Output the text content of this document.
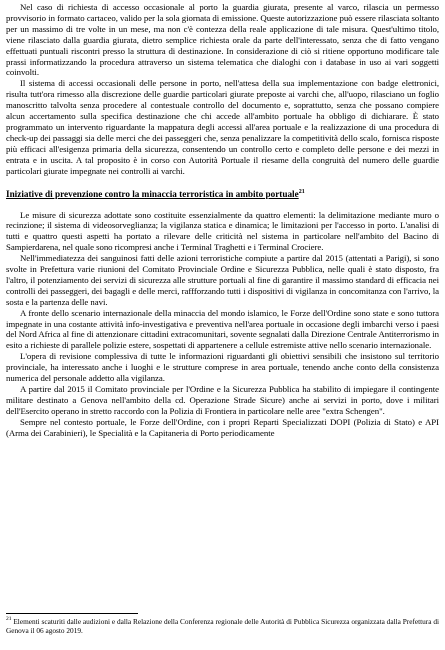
Nel caso di richiesta di accesso occasionale al porto la guardia giurata, presente al varco, rilascia un permesso provvisorio in formato cartaceo, valido per la sola giornata di emissione. Queste autorizzazione può essere rilasciata soltanto per un massimo di tre volte in un mese, ma non c'è contezza della reale applicazione di tale misura. Quest'ultimo titolo, viene rilasciato dalla guardia giurata, dietro semplice richiesta orale da parte dell'interessato, senza che di fatto vengano effettuati puntuali riscontri presso la struttura di destinazione. In considerazione di ciò si ritiene opportuno modificare tale prassi informatizzando la procedura attraverso un sistema telematica che dialoghi con i database in uso ai vari soggetti coinvolti.

Il sistema di accessi occasionali delle persone in porto, nell'attesa della sua implementazione con badge elettronici, risulta tutt'ora rimesso alla discrezione delle guardie particolari giurate preposte ai varchi che, all'uopo, rilasciano un foglio manoscritto talvolta senza procedere al contestuale controllo del documento e, soprattutto, senza che possano compiere alcun accertamento sulla specifica destinazione che chi accede all'ambito portuale ha obbligo di dichiarare. È stato programmato un intervento riguardante la mappatura degli accessi all'area portuale e la realizzazione di una procedura di check-up dei passaggi sia delle merci che dei passeggeri che, senza penalizzare la competitività dello scalo, fornisca risposte più efficaci all'esigenza primaria della sicurezza, consentendo un controllo certo e completo delle persone e dei mezzi in entrata e in uscita. A tal proposito è in corso con Autorità Portuale il riesame della congruità del numero delle guardie particolari giurate impegnate nei controlli ai varchi.

Iniziative di prevenzione contro la minaccia terroristica in ambito portuale$^{21}$

Le misure di sicurezza adottate sono costituite essenzialmente da quattro elementi: la delimitazione mediante muro o recinzione; il sistema di videosorveglianza; la vigilanza statica e dinamica; le limitazioni per l'accesso in porto. L'analisi di tutti e quattro questi aspetti ha portato a rilevare delle criticità nel sistema in particolare nell'ambito del Bacino di Sampierdarena, nel quale sono ricompresi anche i Terminal Traghetti e i Terminal Crociere.

Nell'immediatezza dei sanguinosi fatti delle azioni terroristiche compiute a partire dal 2015 (attentati a Parigi), si sono svolte in Prefettura varie riunioni del Comitato Provinciale Ordine e Sicurezza Pubblica, nelle quali è stato disposto, fra l'altro, il potenziamento dei servizi di sicurezza alle strutture portuali al fine di garantire il massimo standard di efficacia nei controlli dei passeggeri, dei bagagli e delle merci, raffforzando tutti i dispositivi di vigilanza in concomitanza con l'arrivo, la sosta e la partenza delle navi.

A fronte dello scenario internazionale della minaccia del mondo islamico, le Forze dell'Ordine sono state e sono tuttora impegnate in una costante attività info-investigativa e preventiva nell'area portuale in occasione degli imbarchi verso i paesi del Nord Africa al fine di attenzionare cittadini extracomunitari, sovente segnalati dalla Direzione Centrale Antiterrorismo in esito a richieste di parallele polizie estere, sospettati di appartenere a cellule estremiste attive nello scenario internazionale.

L'opera di revisione complessiva di tutte le informazioni riguardanti gli obiettivi sensibili che insistono sul territorio provinciale, ha interessato anche i luoghi e le strutture comprese in area portuale, tenendo anche conto della consistenza numerica del personale addetto alla vigilanza.

A partire dal 2015 il Comitato provinciale per l'Ordine e la Sicurezza Pubblica ha stabilito di impiegare il contingente militare destinato a Genova nell'ambito della cd. Operazione Strade Sicure) anche ai servizi in porto, dove i militari dell'Esercito operano in stretto raccordo con la Polizia di Frontiera in particolare nelle aree "extra Schengen".

Sempre nel contesto portuale, le Forze dell'Ordine, con i propri Reparti Specializzati DOPI (Polizia di Stato) e API (Arma dei Carabinieri), le Specialità e la Capitaneria di Porto periodicamente

$^{21}$ Elementi scaturiti dalle audizioni e dalla Relazione della Conferenza regionale delle Autorità di Pubblica Sicurezza organizzata dalla Prefettura di Genova il 06 agosto 2019.
